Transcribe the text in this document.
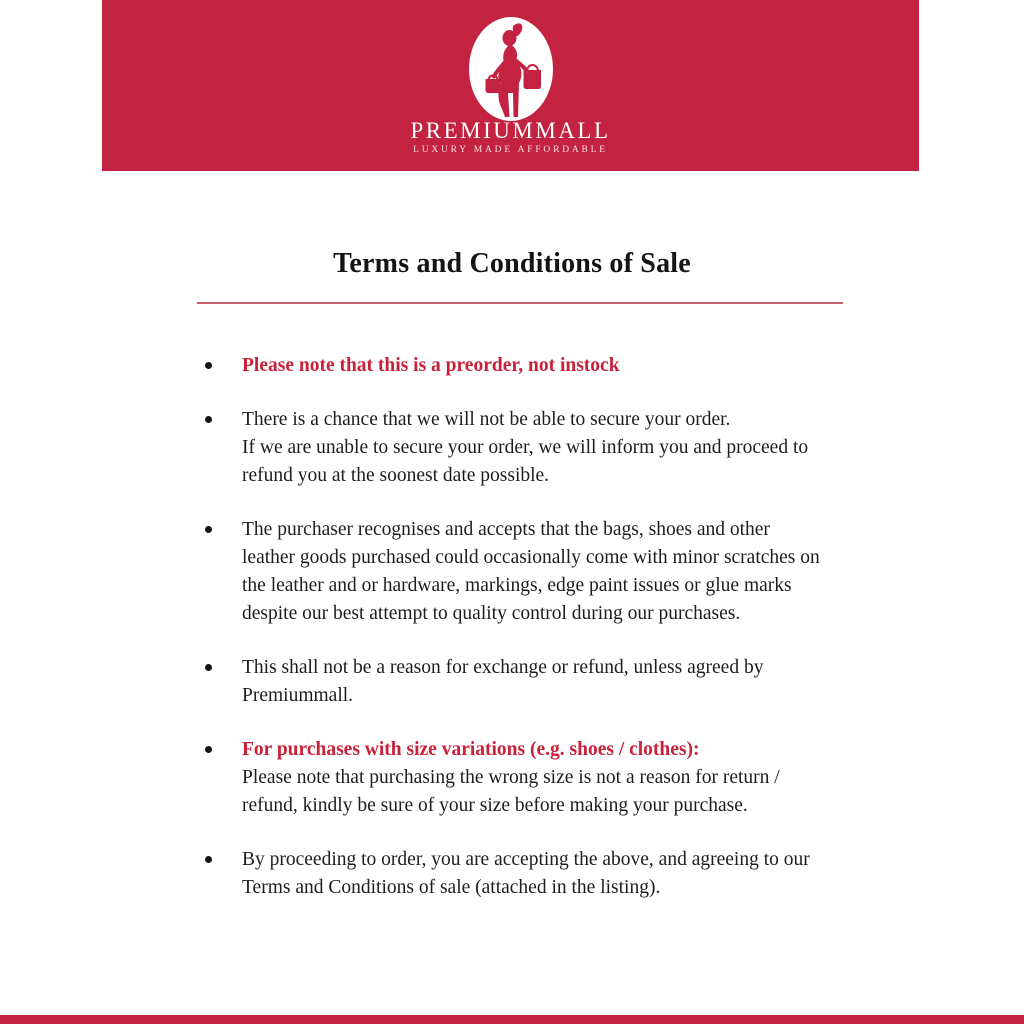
PREMIUMMALL
LUXURY MADE AFFORDABLE
Terms and Conditions of Sale
Please note that this is a preorder, not instock
There is a chance that we will not be able to secure your order.
If we are unable to secure your order, we will inform you and proceed to
refund you at the soonest date possible.
The purchaser recognises and accepts that the bags, shoes and other
leather goods purchased could occasionally come with minor scratches on
the leather and or hardware, markings, edge paint issues or glue marks
despite our best attempt to quality control during our purchases.
This shall not be a reason for exchange or refund, unless agreed by
Premiummall.
For purchases with size variations (e.g. shoes / clothes):
Please note that purchasing the wrong size is not a reason for return /
refund, kindly be sure of your size before making your purchase.
By proceeding to order, you are accepting the above, and agreeing to our
Terms and Conditions of sale (attached in the listing).
